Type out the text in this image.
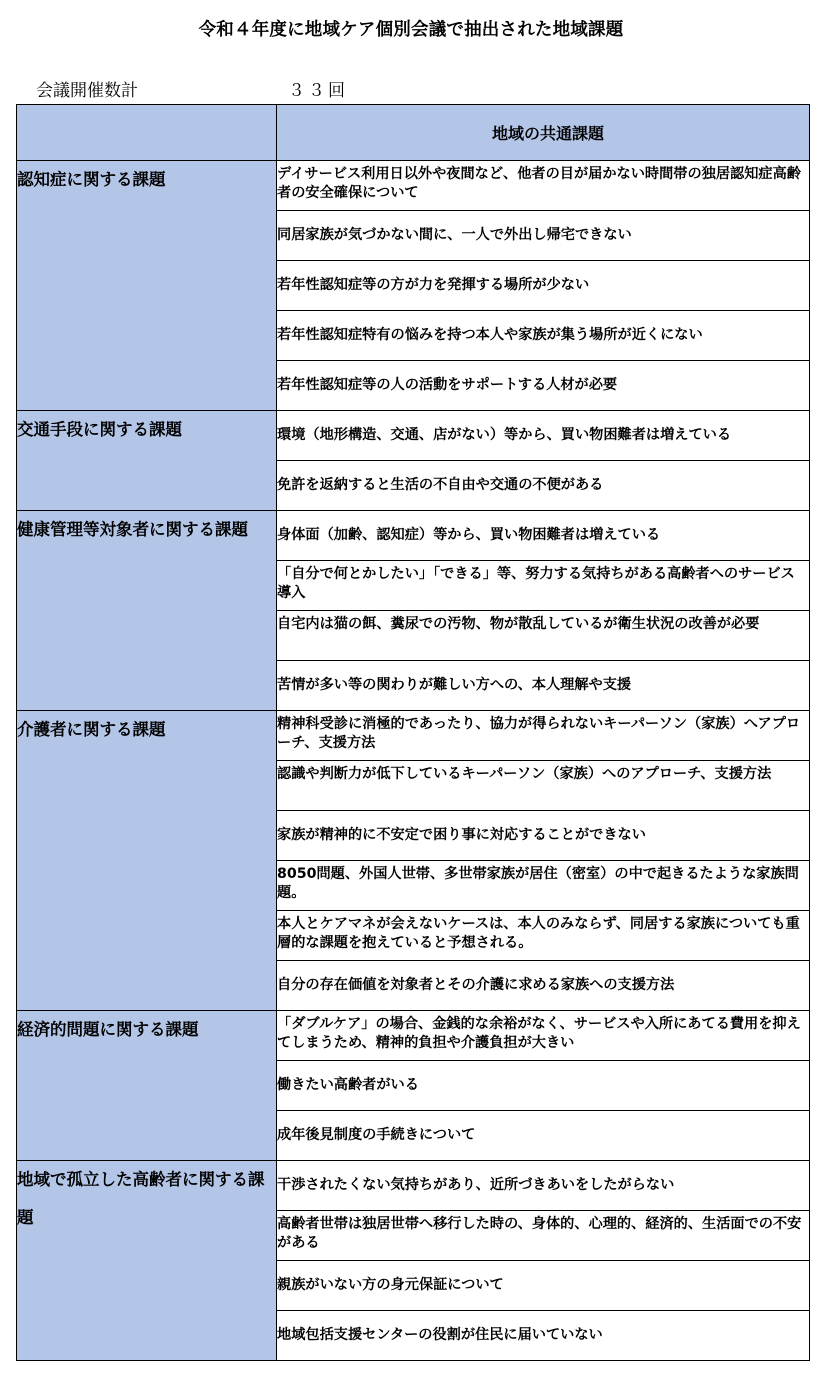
令和４年度に地域ケア個別会議で抽出された地域課題
会議開催数計	３３回
	地域の共通課題
認知症に関する課題	デイサービス利用日以外や夜間など、他者の目が届かない時間帯の独居認知症高齢者の安全確保について
	同居家族が気づかない間に、一人で外出し帰宅できない
	若年性認知症等の方が力を発揮する場所が少ない
	若年性認知症特有の悩みを持つ本人や家族が集う場所が近くにない
	若年性認知症等の人の活動をサポートする人材が必要
交通手段に関する課題	環境（地形構造、交通、店がない）等から、買い物困難者は増えている
	免許を返納すると生活の不自由や交通の不便がある
健康管理等対象者に関する課題	身体面（加齢、認知症）等から、買い物困難者は増えている
	「自分で何とかしたい」「できる」等、努力する気持ちがある高齢者へのサービス導入
	自宅内は猫の餌、糞尿での汚物、物が散乱しているが衛生状況の改善が必要
	苦情が多い等の関わりが難しい方への、本人理解や支援
介護者に関する課題	精神科受診に消極的であったり、協力が得られないキーパーソン（家族）へアプローチ、支援方法
	認識や判断力が低下しているキーパーソン（家族）へのアプローチ、支援方法
	家族が精神的に不安定で困り事に対応することができない
	8050問題、外国人世帯、多世帯家族が居住（密室）の中で起きるたような家族問題。
	本人とケアマネが会えないケースは、本人のみならず、同居する家族についても重層的な課題を抱えていると予想される。
	自分の存在価値を対象者とその介護に求める家族への支援方法
経済的問題に関する課題	「ダブルケア」の場合、金銭的な余裕がなく、サービスや入所にあてる費用を抑えてしまうため、精神的負担や介護負担が大きい
	働きたい高齢者がいる
	成年後見制度の手続きについて
地域で孤立した高齢者に関する課題	干渉されたくない気持ちがあり、近所づきあいをしたがらない
	高齢者世帯は独居世帯へ移行した時の、身体的、心理的、経済的、生活面での不安がある
	親族がいない方の身元保証について
	地域包括支援センターの役割が住民に届いていない
